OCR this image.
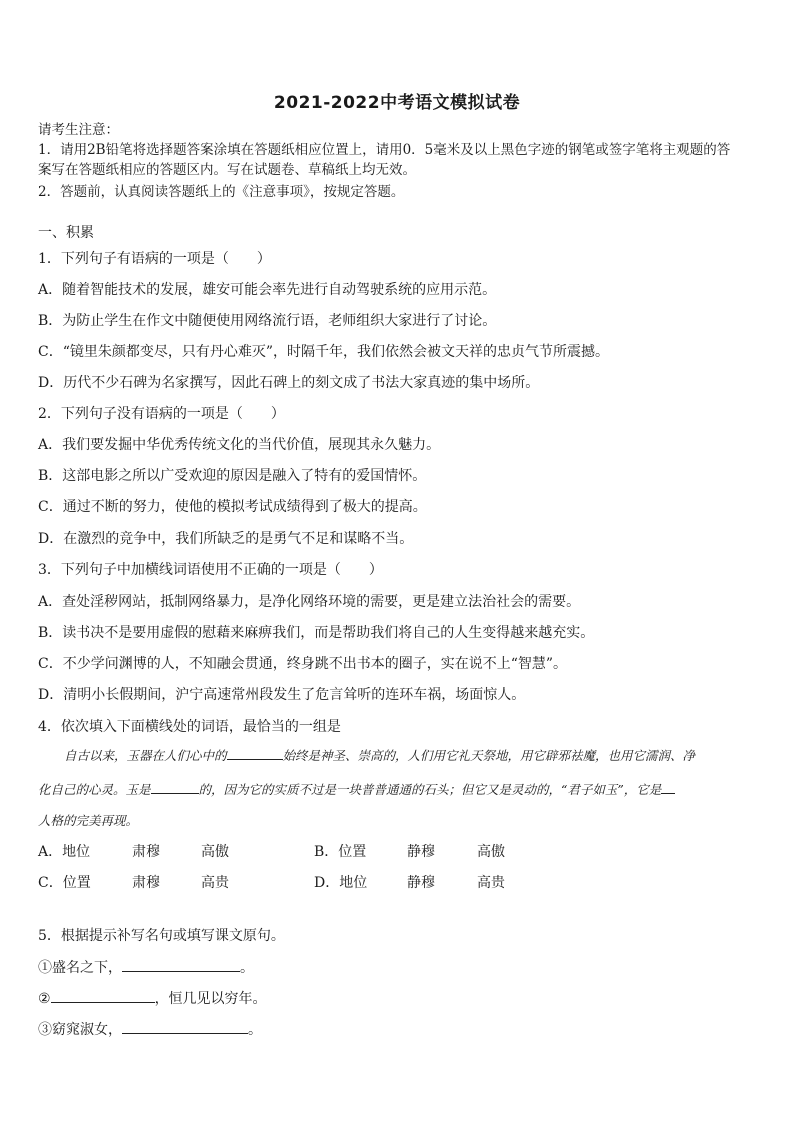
2021-2022中考语文模拟试卷
请考生注意：
1．请用2B铅笔将选择题答案涂填在答题纸相应位置上，请用0．5毫米及以上黑色字迹的钢笔或签字笔将主观题的答
案写在答题纸相应的答题区内。写在试题卷、草稿纸上均无效。
2．答题前，认真阅读答题纸上的《注意事项》，按规定答题。
一、积累
1．下列句子有语病的一项是（　　）
A．随着智能技术的发展，雄安可能会率先进行自动驾驶系统的应用示范。
B．为防止学生在作文中随便使用网络流行语，老师组织大家进行了讨论。
C．“镜里朱颜都变尽，只有丹心难灭”，时隔千年，我们依然会被文天祥的忠贞气节所震撼。
D．历代不少石碑为名家撰写，因此石碑上的刻文成了书法大家真迹的集中场所。
2．下列句子没有语病的一项是（　　）
A．我们要发掘中华优秀传统文化的当代价值，展现其永久魅力。
B．这部电影之所以广受欢迎的原因是融入了特有的爱国情怀。
C．通过不断的努力，使他的模拟考试成绩得到了极大的提高。
D．在激烈的竞争中，我们所缺乏的是勇气不足和谋略不当。
3．下列句子中加横线词语使用不正确的一项是（　　）
A．查处淫秽网站，抵制网络暴力，是净化网络环境的需要，更是建立法治社会的需要。
B．读书决不是要用虚假的慰藉来麻痹我们，而是帮助我们将自己的人生变得越来越充实。
C．不少学问渊博的人，不知融会贯通，终身跳不出书本的圈子，实在说不上“智慧”。
D．清明小长假期间，沪宁高速常州段发生了危言耸听的连环车祸，场面惊人。
4．依次填入下面横线处的词语，最恰当的一组是
自古以来，玉器在人们心中的	始终是神圣、崇高的，人们用它礼天祭地，用它辟邪祛魔，也用它濡润、净
化自己的心灵。玉是	的，因为它的实质不过是一块普普通通的石头；但它又是灵动的，“君子如玉”，它是
人格的完美再现。
A．地位	肃穆	高傲	B．位置	静穆	高傲
C．位置	肃穆	高贵	D．地位	静穆	高贵
5．根据提示补写名句或填写课文原句。
①盛名之下，	。
②	，恒几见以穷年。
③窈窕淑女，	。
